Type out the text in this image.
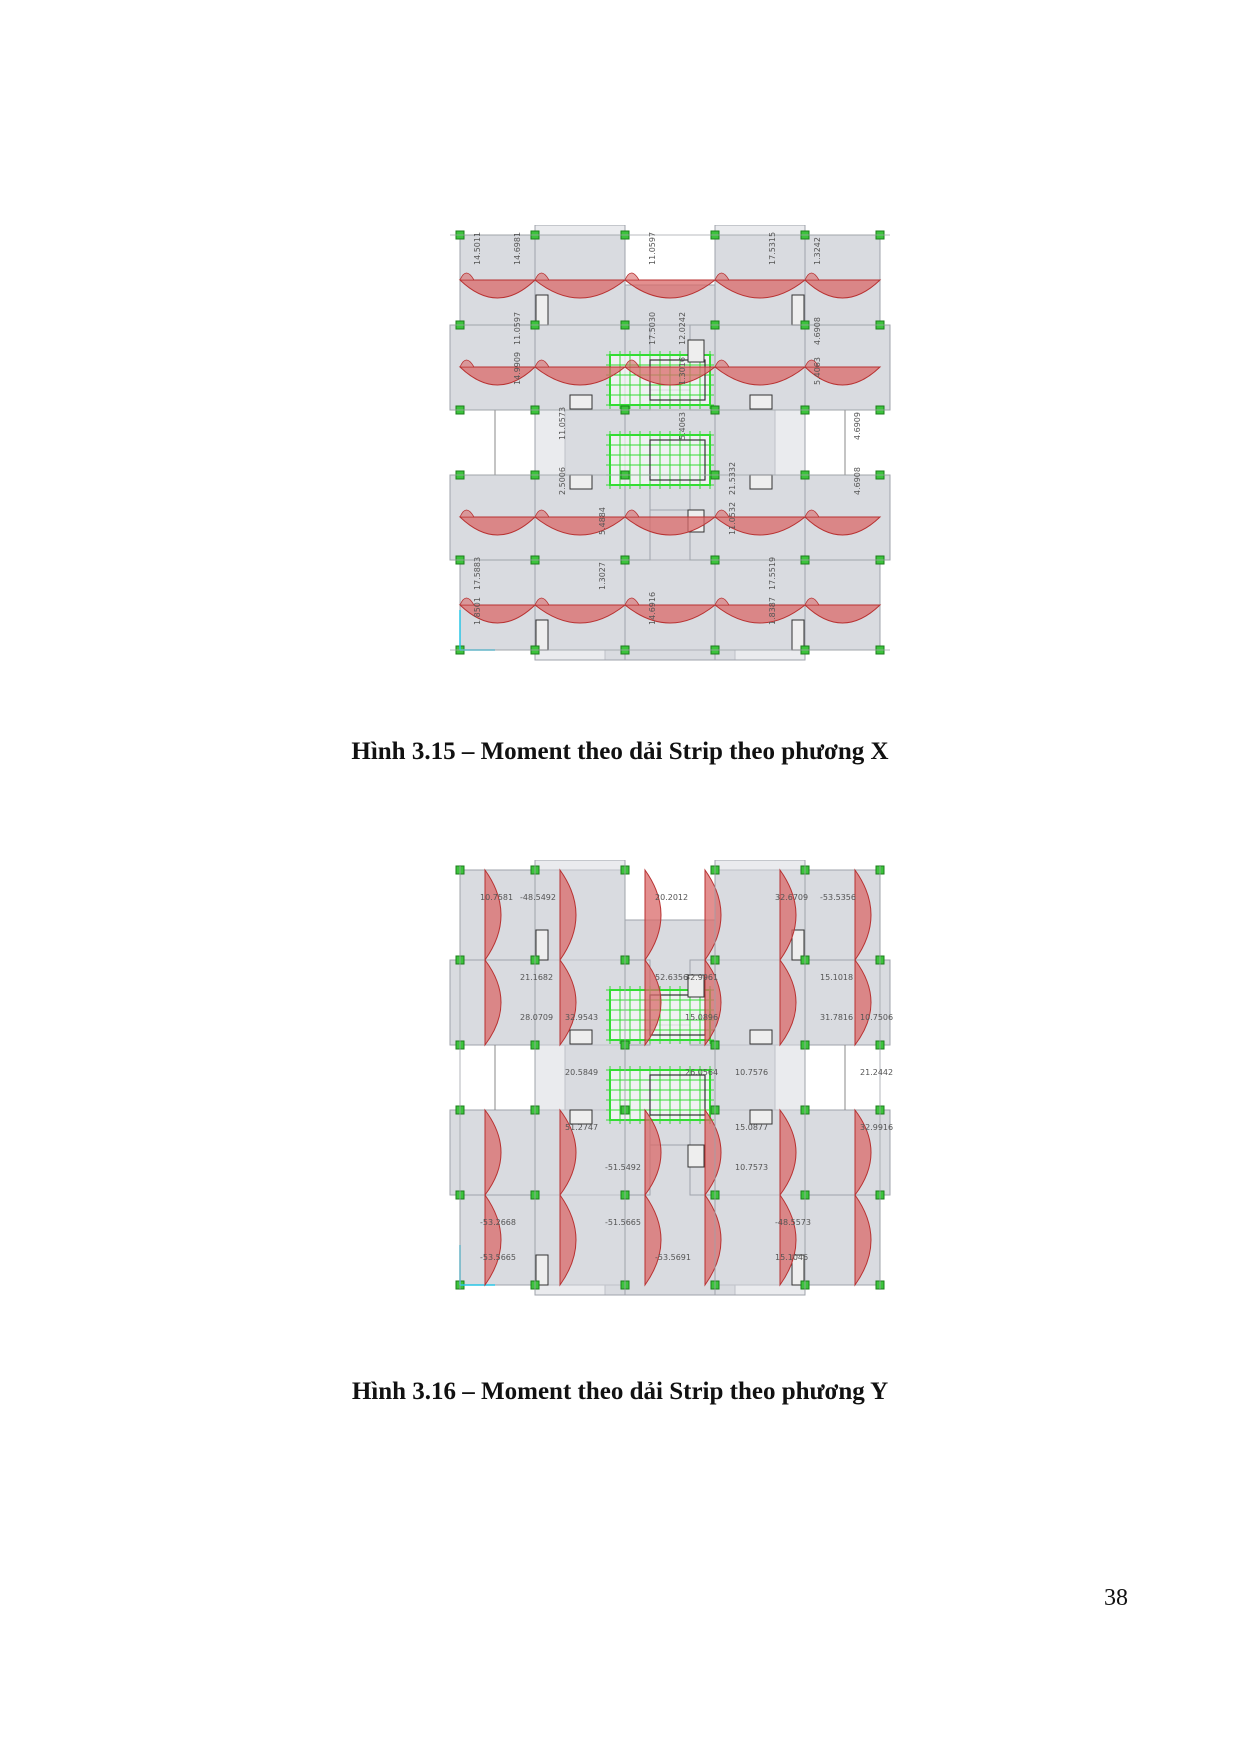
14.5011	17.5315
17.5030
14.9909	5.4063
5.4063
2.5006	4.6908
11.0532
1.3027
1.8501	1.8387
11.0597
11.0597	4.6908
1.3016
11.0573	4.6909
21.5332
5.4884
17.5883	17.5519
14.6916
14.6981	1.3242
12.0242
Hình 3.15 – Moment theo dải Strip theo phương X
10.7581	32.6709
52.6356
28.0709	31.7816
26.0564
51.2747	32.9916
10.7573
-51.5665
-53.5665	15.1046
20.2012
21.1682	15.1018
15.0896
20.5849	21.2442
15.0877
-51.5492
-53.2668	-48.5573
-53.5691
-48.5492	-53.5356
32.9961
32.9543	10.7506
10.7576
Hình 3.16 – Moment theo dải Strip theo phương Y
38
